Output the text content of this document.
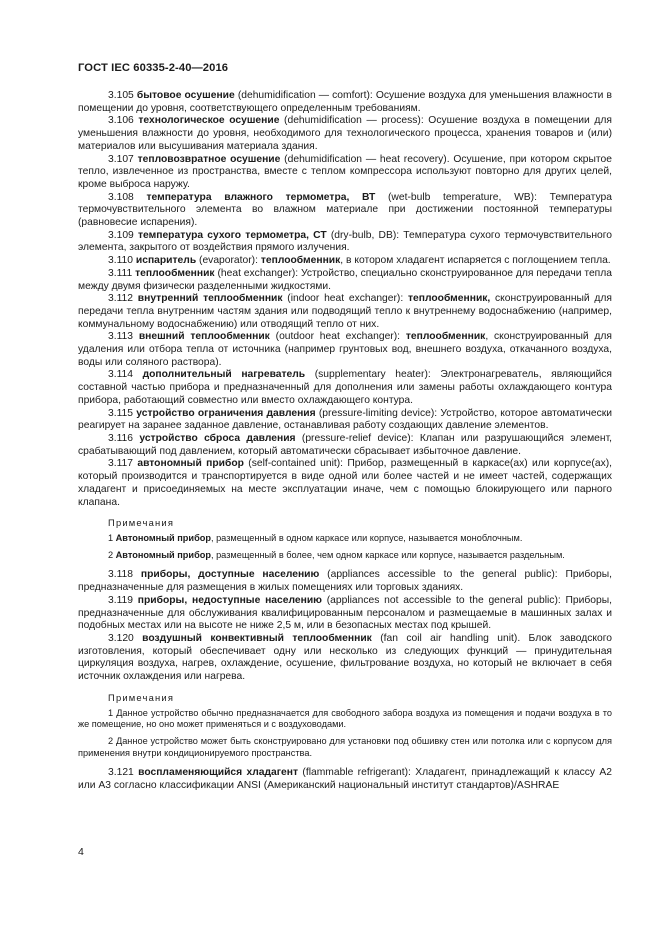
ГОСТ IEC 60335-2-40—2016

3.105 бытовое осушение (dehumidification — comfort): Осушение воздуха для уменьшения влажности в помещении до уровня, соответствующего определенным требованиям.

3.106 технологическое осушение (dehumidification — process): Осушение воздуха в помещении для уменьшения влажности до уровня, необходимого для технологического процесса, хранения товаров и (или) материалов или высушивания материала здания.

3.107 тепловозвратное осушение (dehumidification — heat recovery). Осушение, при котором скрытое тепло, извлеченное из пространства, вместе с теплом компрессора используют повторно для других целей, кроме выброса наружу.

3.108 температура влажного термометра, ВТ (wet-bulb temperature, WB): Температура термочувствительного элемента во влажном материале при достижении постоянной температуры (равновесие испарения).

3.109 температура сухого термометра, СТ (dry-bulb, DB): Температура сухого термочувствительного элемента, закрытого от воздействия прямого излучения.

3.110 испаритель (evaporator): теплообменник, в котором хладагент испаряется с поглощением тепла.

3.111 теплообменник (heat exchanger): Устройство, специально сконструированное для передачи тепла между двумя физически разделенными жидкостями.

3.112 внутренний теплообменник (indoor heat exchanger): теплообменник, сконструированный для передачи тепла внутренним частям здания или подводящий тепло к внутреннему водоснабжению (например, коммунальному водоснабжению) или отводящий тепло от них.

3.113 внешний теплообменник (outdoor heat exchanger): теплообменник, сконструированный для удаления или отбора тепла от источника (например грунтовых вод, внешнего воздуха, откачанного воздуха, воды или соляного раствора).

3.114 дополнительный нагреватель (supplementary heater): Электронагреватель, являющийся составной частью прибора и предназначенный для дополнения или замены работы охлаждающего контура прибора, работающий совместно или вместо охлаждающего контура.

3.115 устройство ограничения давления (pressure-limiting device): Устройство, которое автоматически реагирует на заранее заданное давление, останавливая работу создающих давление элементов.

3.116 устройство сброса давления (pressure-relief device): Клапан или разрушающийся элемент, срабатывающий под давлением, который автоматически сбрасывает избыточное давление.

3.117 автономный прибор (self-contained unit): Прибор, размещенный в каркасе(ах) или корпусе(ах), который производится и транспортируется в виде одной или более частей и не имеет частей, содержащих хладагент и присоединяемых на месте эксплуатации иначе, чем с помощью блокирующего или парного клапана.

Примечания

1 Автономный прибор, размещенный в одном каркасе или корпусе, называется моноблочным.

2 Автономный прибор, размещенный в более, чем одном каркасе или корпусе, называется раздельным.

3.118 приборы, доступные населению (appliances accessible to the general public): Приборы, предназначенные для размещения в жилых помещениях или торговых зданиях.

3.119 приборы, недоступные населению (appliances not accessible to the general public): Приборы, предназначенные для обслуживания квалифицированным персоналом и размещаемые в машинных залах и подобных местах или на высоте не ниже 2,5 м, или в безопасных местах под крышей.

3.120 воздушный конвективный теплообменник (fan coil air handling unit). Блок заводского изготовления, который обеспечивает одну или несколько из следующих функций — принудительная циркуляция воздуха, нагрев, охлаждение, осушение, фильтрование воздуха, но который не включает в себя источник охлаждения или нагрева.

Примечания

1 Данное устройство обычно предназначается для свободного забора воздуха из помещения и подачи воздуха в то же помещение, но оно может применяться и с воздуховодами.

2 Данное устройство может быть сконструировано для установки под обшивку стен или потолка или с корпусом для применения внутри кондиционируемого пространства.

3.121 воспламеняющийся хладагент (flammable refrigerant): Хладагент, принадлежащий к классу А2 или А3 согласно классификации ANSI (Американский национальный институт стандартов)/ASHRAE

4
